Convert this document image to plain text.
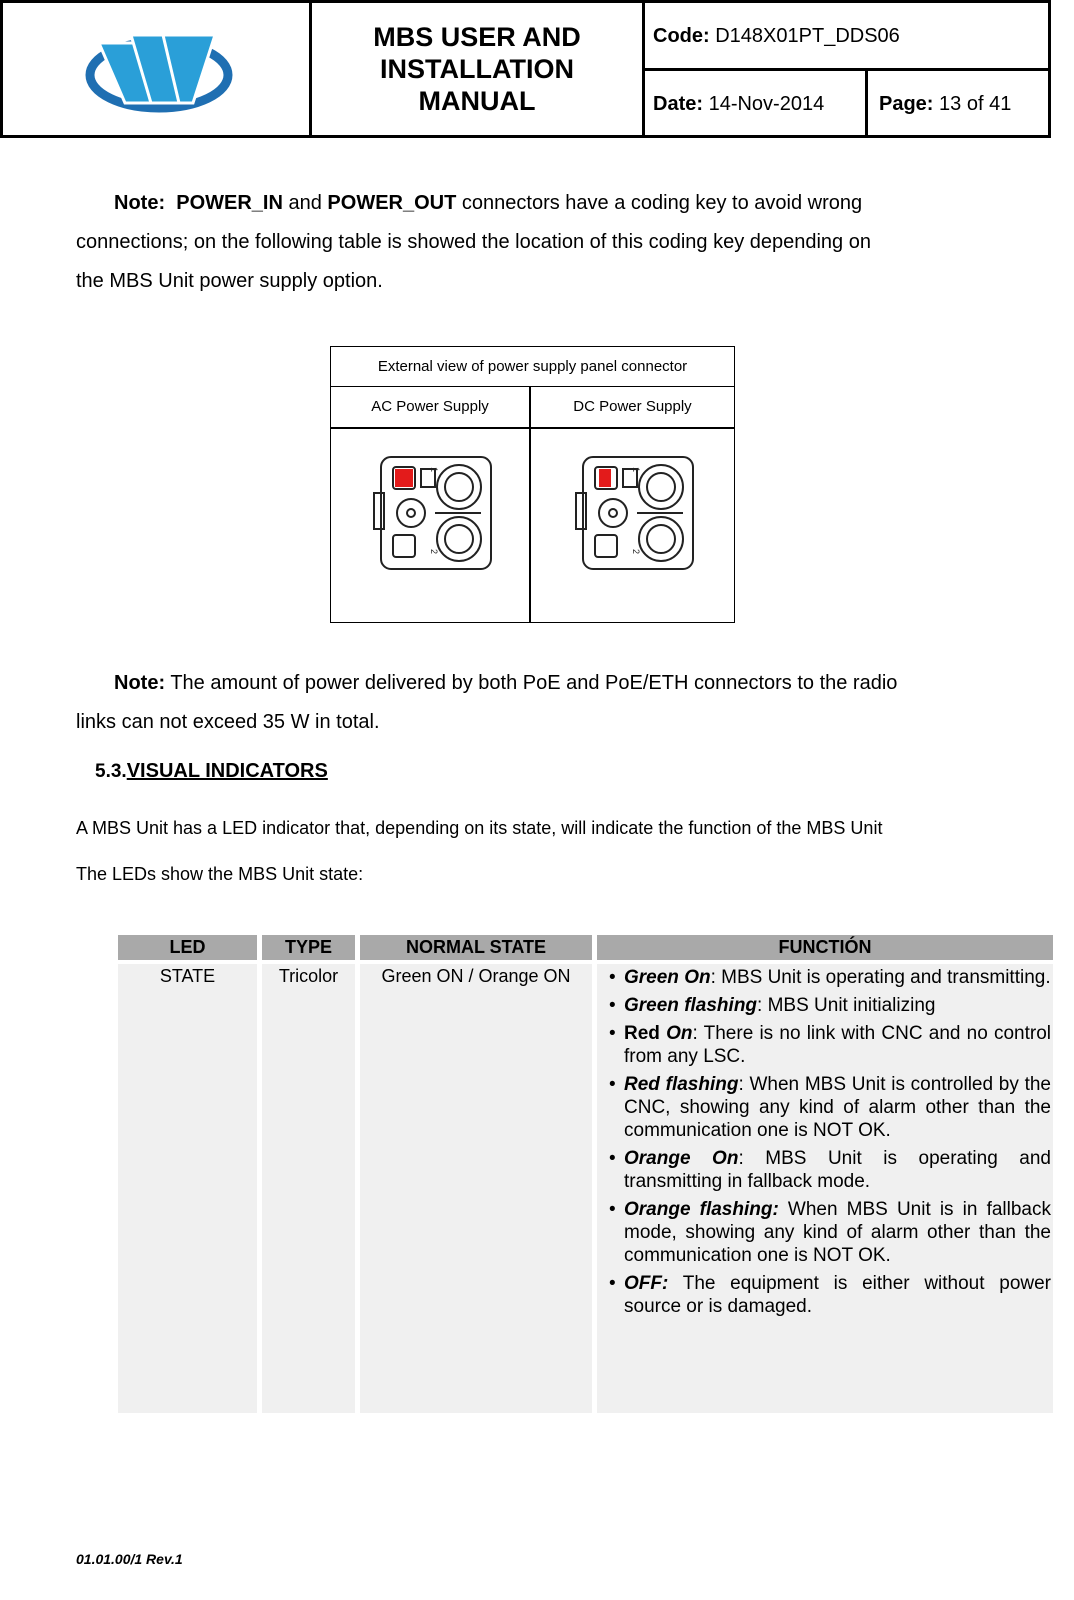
MBS USER AND INSTALLATION MANUAL
Code: D148X01PT_DDS06
Date: 14-Nov-2014	Page: 13 of 41
Note: POWER_IN and POWER_OUT connectors have a coding key to avoid wrong
connections; on the following table is showed the location of this coding key depending on
the MBS Unit power supply option.
External view of power supply panel connector
AC Power Supply	DC Power Supply
1
2
1
2
Note: The amount of power delivered by both PoE and PoE/ETH connectors to the radio
links can not exceed 35 W in total.
5.3.VISUAL INDICATORS
A MBS Unit has a LED indicator that, depending on its state, will indicate the function of the MBS Unit
The LEDs show the MBS Unit state:
LED	TYPE	NORMAL STATE	FUNCTIÓN
STATE	Tricolor	Green ON / Orange ON	• Green On: MBS Unit is operating and transmitting.
• Green flashing: MBS Unit initializing
• Red On: There is no link with CNC and no control from any LSC.
• Red flashing: When MBS Unit is controlled by the CNC, showing any kind of alarm other than the communication one is NOT OK.
• Orange On: MBS Unit is operating and transmitting in fallback mode.
• Orange flashing: When MBS Unit is in fallback mode, showing any kind of alarm other than the communication one is NOT OK.
• OFF: The equipment is either without power source or is damaged.
01.01.00/1 Rev.1
